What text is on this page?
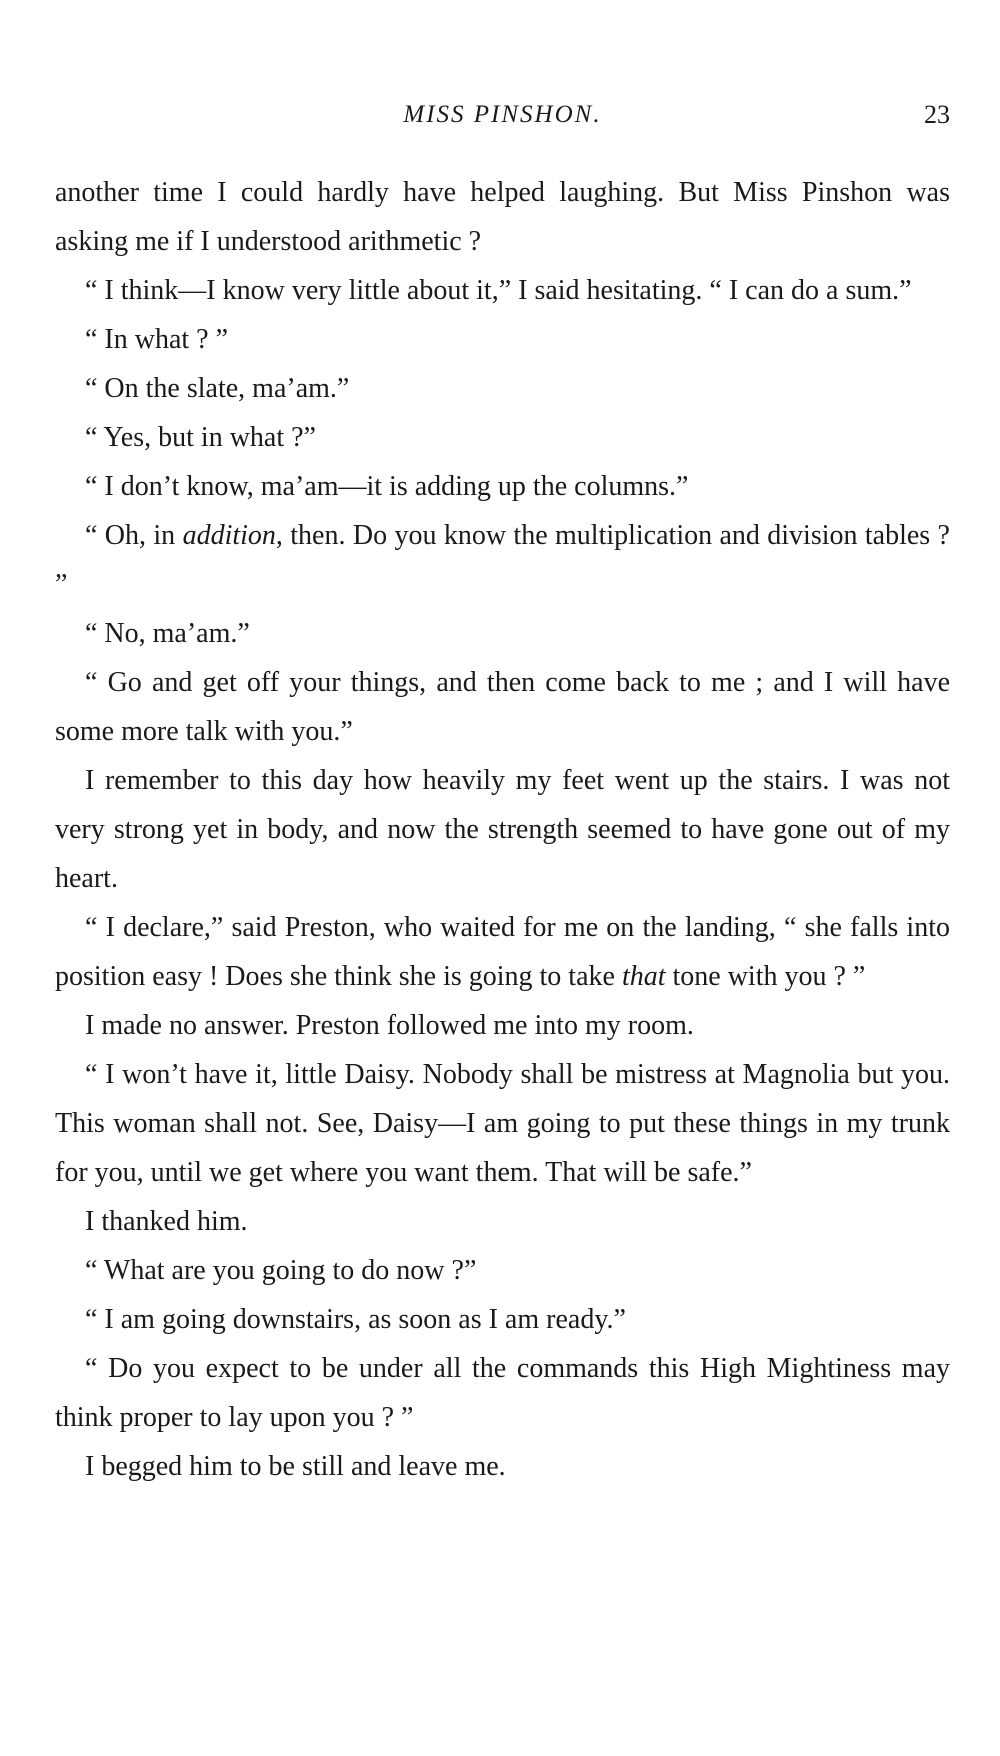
MISS PINSHON.	23

another time I could hardly have helped laughing. But Miss Pinshon was asking me if I understood arithmetic ?

“ I think—I know very little about it,” I said hesitating. “ I can do a sum.”

“ In what ? ”

“ On the slate, ma’am.”

“ Yes, but in what ?”

“ I don’t know, ma’am—it is adding up the columns.”

“ Oh, in addition, then. Do you know the multiplication and division tables ? ”

“ No, ma’am.”

“ Go and get off your things, and then come back to me ; and I will have some more talk with you.”

I remember to this day how heavily my feet went up the stairs. I was not very strong yet in body, and now the strength seemed to have gone out of my heart.

“ I declare,” said Preston, who waited for me on the landing, “ she falls into position easy ! Does she think she is going to take that tone with you ? ”

I made no answer. Preston followed me into my room.

“ I won’t have it, little Daisy. Nobody shall be mistress at Magnolia but you. This woman shall not. See, Daisy—I am going to put these things in my trunk for you, until we get where you want them. That will be safe.”

I thanked him.

“ What are you going to do now ?”

“ I am going downstairs, as soon as I am ready.”

“ Do you expect to be under all the commands this High Mightiness may think proper to lay upon you ? ”

I begged him to be still and leave me.
